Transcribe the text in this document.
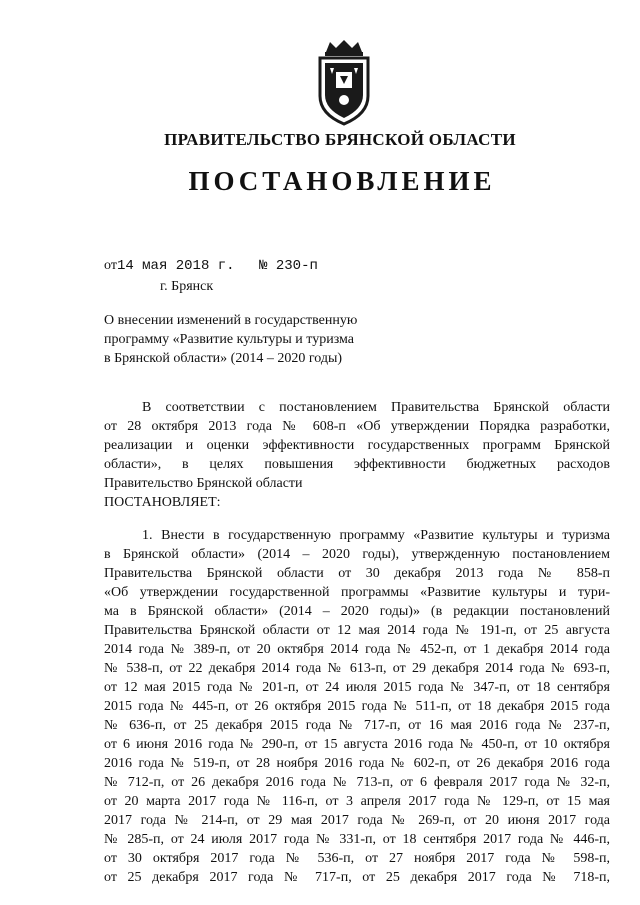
ПРАВИТЕЛЬСТВО БРЯНСКОЙ ОБЛАСТИ
ПОСТАНОВЛЕНИЕ
от14 мая 2018 г. № 230-п
г. Брянск
О внесении изменений в государственную
программу «Развитие культуры и туризма
в Брянской области» (2014 – 2020 годы)
В соответствии с постановлением Правительства Брянской области
от 28 октября 2013 года № 608-п «Об утверждении Порядка разработки,
реализации и оценки эффективности государственных программ Брянской
области», в целях повышения эффективности бюджетных расходов
Правительство Брянской области
ПОСТАНОВЛЯЕТ:
1. Внести в государственную программу «Развитие культуры и туризма
в Брянской области» (2014 – 2020 годы), утвержденную постановлением
Правительства Брянской области от 30 декабря 2013 года № 858-п
«Об утверждении государственной программы «Развитие культуры и тури-
ма в Брянской области» (2014 – 2020 годы)» (в редакции постановлений
Правительства Брянской области от 12 мая 2014 года № 191-п, от 25 августа
2014 года № 389-п, от 20 октября 2014 года № 452-п, от 1 декабря 2014 года
№ 538-п, от 22 декабря 2014 года № 613-п, от 29 декабря 2014 года № 693-п,
от 12 мая 2015 года № 201-п, от 24 июля 2015 года № 347-п, от 18 сентября
2015 года № 445-п, от 26 октября 2015 года № 511-п, от 18 декабря 2015 года
№ 636-п, от 25 декабря 2015 года № 717-п, от 16 мая 2016 года № 237-п,
от 6 июня 2016 года № 290-п, от 15 августа 2016 года № 450-п, от 10 октября
2016 года № 519-п, от 28 ноября 2016 года № 602-п, от 26 декабря 2016 года
№ 712-п, от 26 декабря 2016 года № 713-п, от 6 февраля 2017 года № 32-п,
от 20 марта 2017 года № 116-п, от 3 апреля 2017 года № 129-п, от 15 мая
2017 года № 214-п, от 29 мая 2017 года № 269-п, от 20 июня 2017 года
№ 285-п, от 24 июля 2017 года № 331-п, от 18 сентября 2017 года № 446-п,
от 30 октября 2017 года № 536-п, от 27 ноября 2017 года № 598-п,
от 25 декабря 2017 года № 717-п, от 25 декабря 2017 года № 718-п,
